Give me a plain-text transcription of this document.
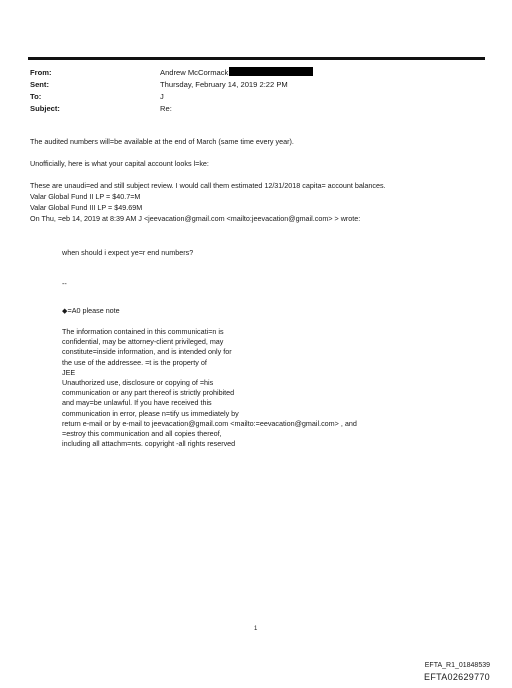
From:	Andrew McCormack
Sent:	Thursday, February 14, 2019 2:22 PM
To:	J
Subject:	Re:
The audited numbers will=be available at the end of March (same time every year).
Unofficially, here is what your capital account looks l=ke:
These are unaudi=ed and still subject review. I would call them estimated 12/31/2018 capita= account balances.
Valar Global Fund II LP = $40.7=M
Valar Global Fund III LP = $49.69M
On Thu, =eb 14, 2019 at 8:39 AM J <jeevacation@gmail.com <mailto:jeevacation@gmail.com> > wrote:
when should i expect ye=r end numbers?
--
◆=A0 please note
The information contained in this communicati=n is
confidential, may be attorney-client privileged, may
constitute=inside information, and is intended only for
the use of the addressee. =t is the property of
JEE
Unauthorized use, disclosure or copying of =his
communication or any part thereof is strictly prohibited
and may=be unlawful. If you have received this
communication in error, please n=tify us immediately by
return e-mail or by e-mail to jeevacation@gmail.com <mailto:=eevacation@gmail.com> , and
=estroy this communication and all copies thereof,
including all attachm=nts. copyright -all rights reserved
1
EFTA_R1_01848539
EFTA02629770
